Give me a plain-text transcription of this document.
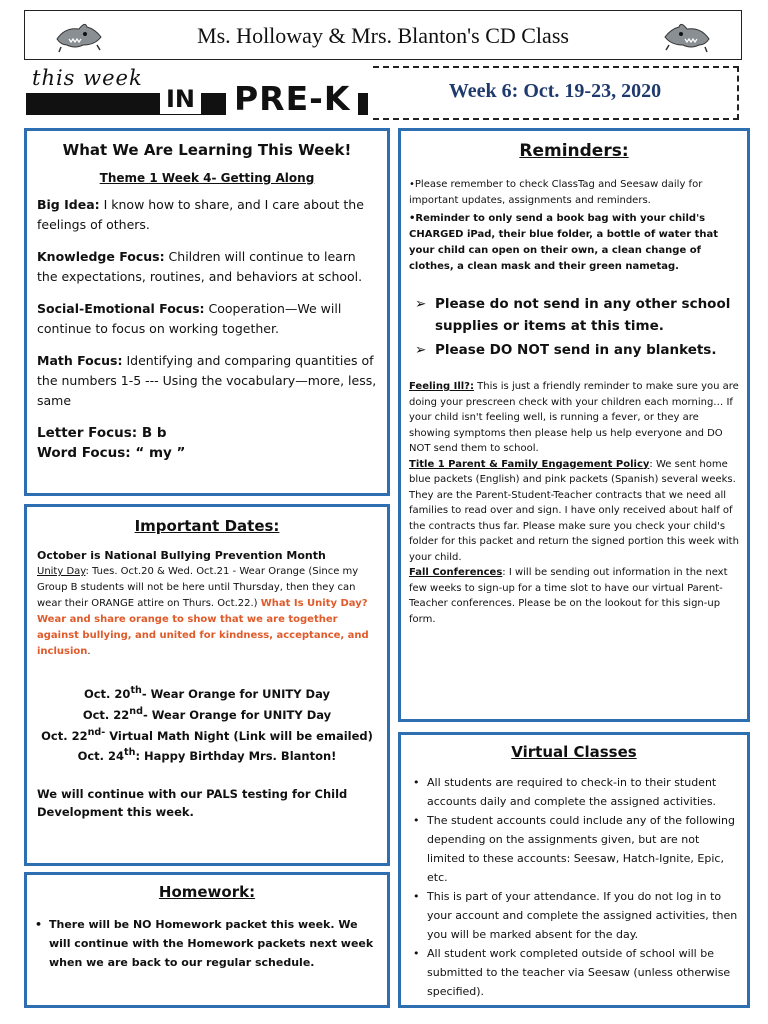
Ms. Holloway & Mrs. Blanton's CD Class
this week
IN PRE-K	Week 6: Oct. 19-23, 2020
What We Are Learning This Week!
Theme 1 Week 4- Getting Along

Big Idea: I know how to share, and I care about the feelings of others.

Knowledge Focus: Children will continue to learn the expectations, routines, and behaviors at school.

Social-Emotional Focus: Cooperation—We will continue to focus on working together.

Math Focus: Identifying and comparing quantities of the numbers 1-5 --- Using the vocabulary—more, less, same

Letter Focus: B b
Word Focus: “ my ”
Important Dates:
October is National Bullying Prevention Month
Unity Day: Tues. Oct.20 & Wed. Oct.21 - Wear Orange (Since my Group B students will not be here until Thursday, then they can wear their ORANGE attire on Thurs. Oct.22.) What Is Unity Day? Wear and share orange to show that we are together against bullying, and united for kindness, acceptance, and inclusion.
Oct. 20th- Wear Orange for UNITY Day
Oct. 22nd- Wear Orange for UNITY Day
Oct. $22^{nd-}$ Virtual Math Night (Link will be emailed)
Oct. 24th: Happy Birthday Mrs. Blanton!
We will continue with our PALS testing for Child Development this week.
Homework:
• There will be NO Homework packet this week. We will continue with the Homework packets next week when we are back to our regular schedule.
Reminders:
•Please remember to check ClassTag and Seesaw daily for important updates, assignments and reminders.
•Reminder to only send a book bag with your child's CHARGED iPad, their blue folder, a bottle of water that your child can open on their own, a clean change of clothes, a clean mask and their green nametag.
➢ Please do not send in any other school supplies or items at this time.
➢ Please DO NOT send in any blankets.
Feeling Ill?: This is just a friendly reminder to make sure you are doing your prescreen check with your children each morning… If your child isn't feeling well, is running a fever, or they are showing symptoms then please help us help everyone and DO NOT send them to school.
Title 1 Parent & Family Engagement Policy: We sent home blue packets (English) and pink packets (Spanish) several weeks. They are the Parent-Student-Teacher contracts that we need all families to read over and sign. I have only received about half of the contracts thus far. Please make sure you check your child's folder for this packet and return the signed portion this week with your child.
Fall Conferences: I will be sending out information in the next few weeks to sign-up for a time slot to have our virtual Parent-Teacher conferences. Please be on the lookout for this sign-up form.
Virtual Classes
• All students are required to check-in to their student accounts daily and complete the assigned activities.
• The student accounts could include any of the following depending on the assignments given, but are not limited to these accounts: Seesaw, Hatch-Ignite, Epic, etc.
• This is part of your attendance. If you do not log in to your account and complete the assigned activities, then you will be marked absent for the day.
• All student work completed outside of school will be submitted to the teacher via Seesaw (unless otherwise specified).
